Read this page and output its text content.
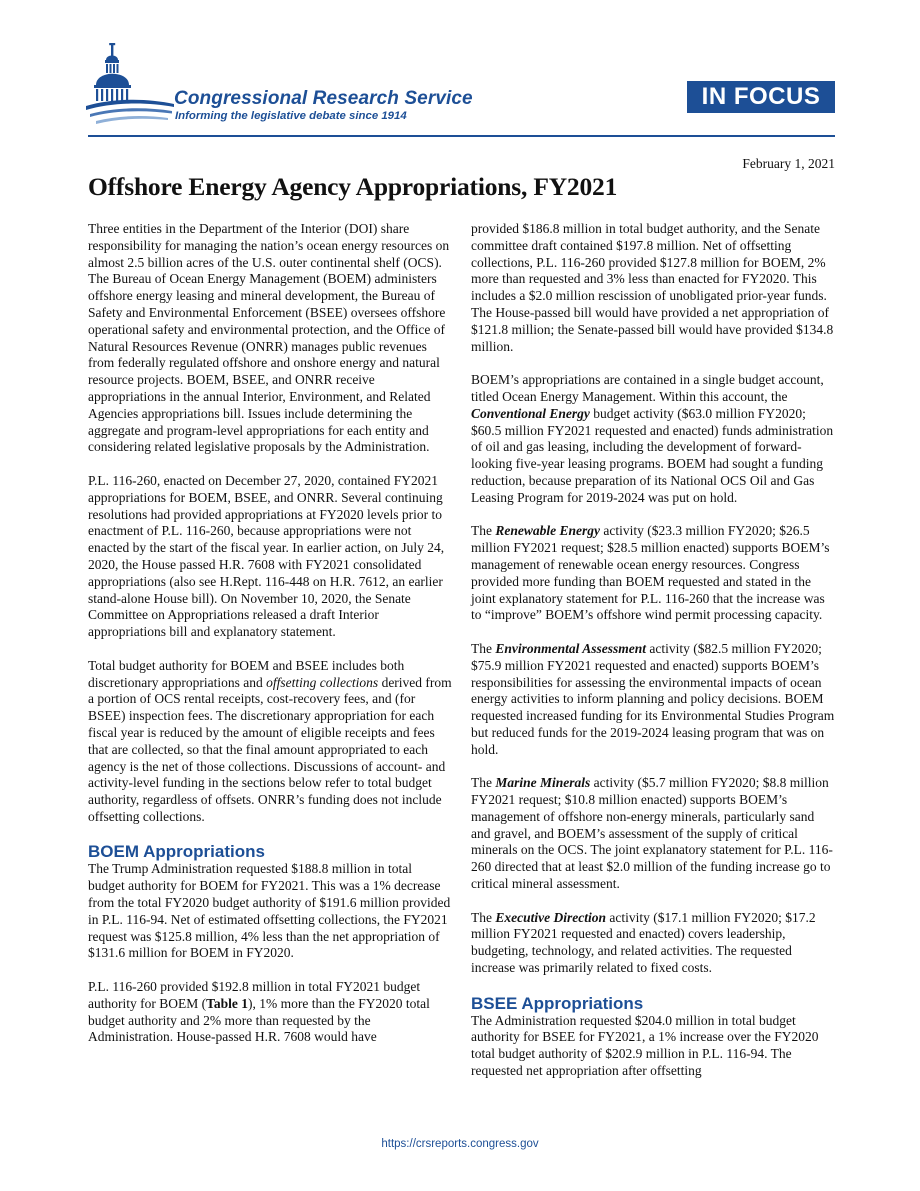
Congressional Research Service
Informing the legislative debate since 1914
IN FOCUS
February 1, 2021
Offshore Energy Agency Appropriations, FY2021

Three entities in the Department of the Interior (DOI) share responsibility for managing the nation’s ocean energy resources on almost 2.5 billion acres of the U.S. outer continental shelf (OCS). The Bureau of Ocean Energy Management (BOEM) administers offshore energy leasing and mineral development, the Bureau of Safety and Environmental Enforcement (BSEE) oversees offshore operational safety and environmental protection, and the Office of Natural Resources Revenue (ONRR) manages public revenues from federally regulated offshore and onshore energy and natural resource projects. BOEM, BSEE, and ONRR receive appropriations in the annual Interior, Environment, and Related Agencies appropriations bill. Issues include determining the aggregate and program-level appropriations for each entity and considering related legislative proposals by the Administration.

P.L. 116-260, enacted on December 27, 2020, contained FY2021 appropriations for BOEM, BSEE, and ONRR. Several continuing resolutions had provided appropriations at FY2020 levels prior to enactment of P.L. 116-260, because appropriations were not enacted by the start of the fiscal year. In earlier action, on July 24, 2020, the House passed H.R. 7608 with FY2021 consolidated appropriations (also see H.Rept. 116-448 on H.R. 7612, an earlier stand-alone House bill). On November 10, 2020, the Senate Committee on Appropriations released a draft Interior appropriations bill and explanatory statement.

Total budget authority for BOEM and BSEE includes both discretionary appropriations and offsetting collections derived from a portion of OCS rental receipts, cost-recovery fees, and (for BSEE) inspection fees. The discretionary appropriation for each fiscal year is reduced by the amount of eligible receipts and fees that are collected, so that the final amount appropriated to each agency is the net of those collections. Discussions of account- and activity-level funding in the sections below refer to total budget authority, regardless of offsets. ONRR’s funding does not include offsetting collections.

BOEM Appropriations

The Trump Administration requested $188.8 million in total budget authority for BOEM for FY2021. This was a 1% decrease from the total FY2020 budget authority of $191.6 million provided in P.L. 116-94. Net of estimated offsetting collections, the FY2021 request was $125.8 million, 4% less than the net appropriation of $131.6 million for BOEM in FY2020.

P.L. 116-260 provided $192.8 million in total FY2021 budget authority for BOEM (Table 1), 1% more than the FY2020 total budget authority and 2% more than requested by the Administration. House-passed H.R. 7608 would have

provided $186.8 million in total budget authority, and the Senate committee draft contained $197.8 million. Net of offsetting collections, P.L. 116-260 provided $127.8 million for BOEM, 2% more than requested and 3% less than enacted for FY2020. This includes a $2.0 million rescission of unobligated prior-year funds. The House-passed bill would have provided a net appropriation of $121.8 million; the Senate-passed bill would have provided $134.8 million.

BOEM’s appropriations are contained in a single budget account, titled Ocean Energy Management. Within this account, the Conventional Energy budget activity ($63.0 million FY2020; $60.5 million FY2021 requested and enacted) funds administration of oil and gas leasing, including the development of forward-looking five-year leasing programs. BOEM had sought a funding reduction, because preparation of its National OCS Oil and Gas Leasing Program for 2019-2024 was put on hold.

The Renewable Energy activity ($23.3 million FY2020; $26.5 million FY2021 request; $28.5 million enacted) supports BOEM’s management of renewable ocean energy resources. Congress provided more funding than BOEM requested and stated in the joint explanatory statement for P.L. 116-260 that the increase was to “improve” BOEM’s offshore wind permit processing capacity.

The Environmental Assessment activity ($82.5 million FY2020; $75.9 million FY2021 requested and enacted) supports BOEM’s responsibilities for assessing the environmental impacts of ocean energy activities to inform planning and policy decisions. BOEM requested increased funding for its Environmental Studies Program but reduced funds for the 2019-2024 leasing program that was on hold.

The Marine Minerals activity ($5.7 million FY2020; $8.8 million FY2021 request; $10.8 million enacted) supports BOEM’s management of offshore non-energy minerals, particularly sand and gravel, and BOEM’s assessment of the supply of critical minerals on the OCS. The joint explanatory statement for P.L. 116-260 directed that at least $2.0 million of the funding increase go to critical mineral assessment.

The Executive Direction activity ($17.1 million FY2020; $17.2 million FY2021 requested and enacted) covers leadership, budgeting, technology, and related activities. The requested increase was primarily related to fixed costs.

BSEE Appropriations

The Administration requested $204.0 million in total budget authority for BSEE for FY2021, a 1% increase over the FY2020 total budget authority of $202.9 million in P.L. 116-94. The requested net appropriation after offsetting

https://crsreports.congress.gov
